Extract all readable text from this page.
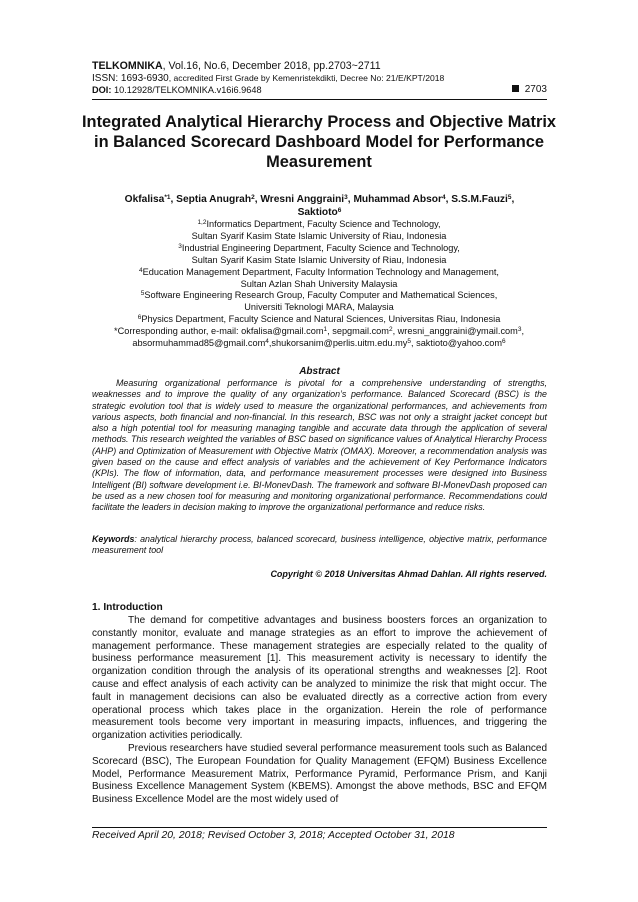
TELKOMNIKA, Vol.16, No.6, December 2018, pp.2703~2711
ISSN: 1693-6930, accredited First Grade by Kemenristekdikti, Decree No: 21/E/KPT/2018
DOI: 10.12928/TELKOMNIKA.v16i6.9648	2703
Integrated Analytical Hierarchy Process and Objective Matrix in Balanced Scorecard Dashboard Model for Performance Measurement
Okfalisa$^{*1}$, Septia Anugrah$^2$, Wresni Anggraini$^3$, Muhammad Absor$^4$, S.S.M.Fauzi$^5$,
Saktioto$^6$
$^{1,2}$Informatics Department, Faculty Science and Technology,
Sultan Syarif Kasim State Islamic University of Riau, Indonesia
$^3$Industrial Engineering Department, Faculty Science and Technology,
Sultan Syarif Kasim State Islamic University of Riau, Indonesia
$^4$Education Management Department, Faculty Information Technology and Management,
Sultan Azlan Shah University Malaysia
$^5$Software Engineering Research Group, Faculty Computer and Mathematical Sciences,
Universiti Teknologi MARA, Malaysia
$^6$Physics Department, Faculty Science and Natural Sciences, Universitas Riau, Indonesia
*Corresponding author, e-mail: okfalisa@gmail.com$^1$, sepgmail.com$^2$, wresni_anggraini@ymail.com$^3$,
$absormuhammad85@gmail.com^4,shukorsanim@perlis.uitm.edu.my^5$, saktioto@yahoo.com$^6$
Abstract
Measuring organizational performance is pivotal for a comprehensive understanding of strengths, weaknesses and to improve the quality of any organization’s performance. Balanced Scorecard (BSC) is the strategic evolution tool that is widely used to measure the organizational performances, and achievements from various aspects, both financial and non-financial. In this research, BSC was not only a straight jacket concept but also a high potential tool for measuring managing tangible and accurate data through the application of several methods. This research weighted the variables of BSC based on significance values of Analytical Hierarchy Process (AHP) and Optimization of Measurement with Objective Matrix (OMAX). Moreover, a recommendation analysis was given based on the cause and effect analysis of variables and the achievement of Key Performance Indicators (KPIs). The flow of information, data, and performance measurement processes were designed into Business Intelligent (BI) software development i.e. BI-MonevDash. The framework and software BI-MonevDash proposed can be used as a new chosen tool for measuring and monitoring organizational performance. Recommendations could facilitate the leaders in decision making to improve the organizational performance and reduce risks.
Keywords: analytical hierarchy process, balanced scorecard, business intelligence, objective matrix, performance measurement tool
Copyright © 2018 Universitas Ahmad Dahlan. All rights reserved.
1. Introduction

The demand for competitive advantages and business boosters forces an organization to constantly monitor, evaluate and manage strategies as an effort to improve the achievement of management performance. These management strategies are especially related to the quality of business performance measurement [1]. This measurement activity is necessary to identify the organization condition through the analysis of its operational strengths and weaknesses [2]. Root cause and effect analysis of each activity can be analyzed to minimize the risk that might occur. The fault in management decisions can also be evaluated directly as a corrective action from every operational process which takes place in the organization. Herein the role of performance measurement tools become very important in measuring impacts, influences, and triggering the organization activities periodically.

Previous researchers have studied several performance measurement tools such as Balanced Scorecard (BSC), The European Foundation for Quality Management (EFQM) Business Excellence Model, Performance Measurement Matrix, Performance Pyramid, Performance Prism, and Kanji Business Excellence Management System (KBEMS). Amongst the above methods, BSC and EFQM Business Excellence Model are the most widely used of

Received April 20, 2018; Revised October 3, 2018; Accepted October 31, 2018
